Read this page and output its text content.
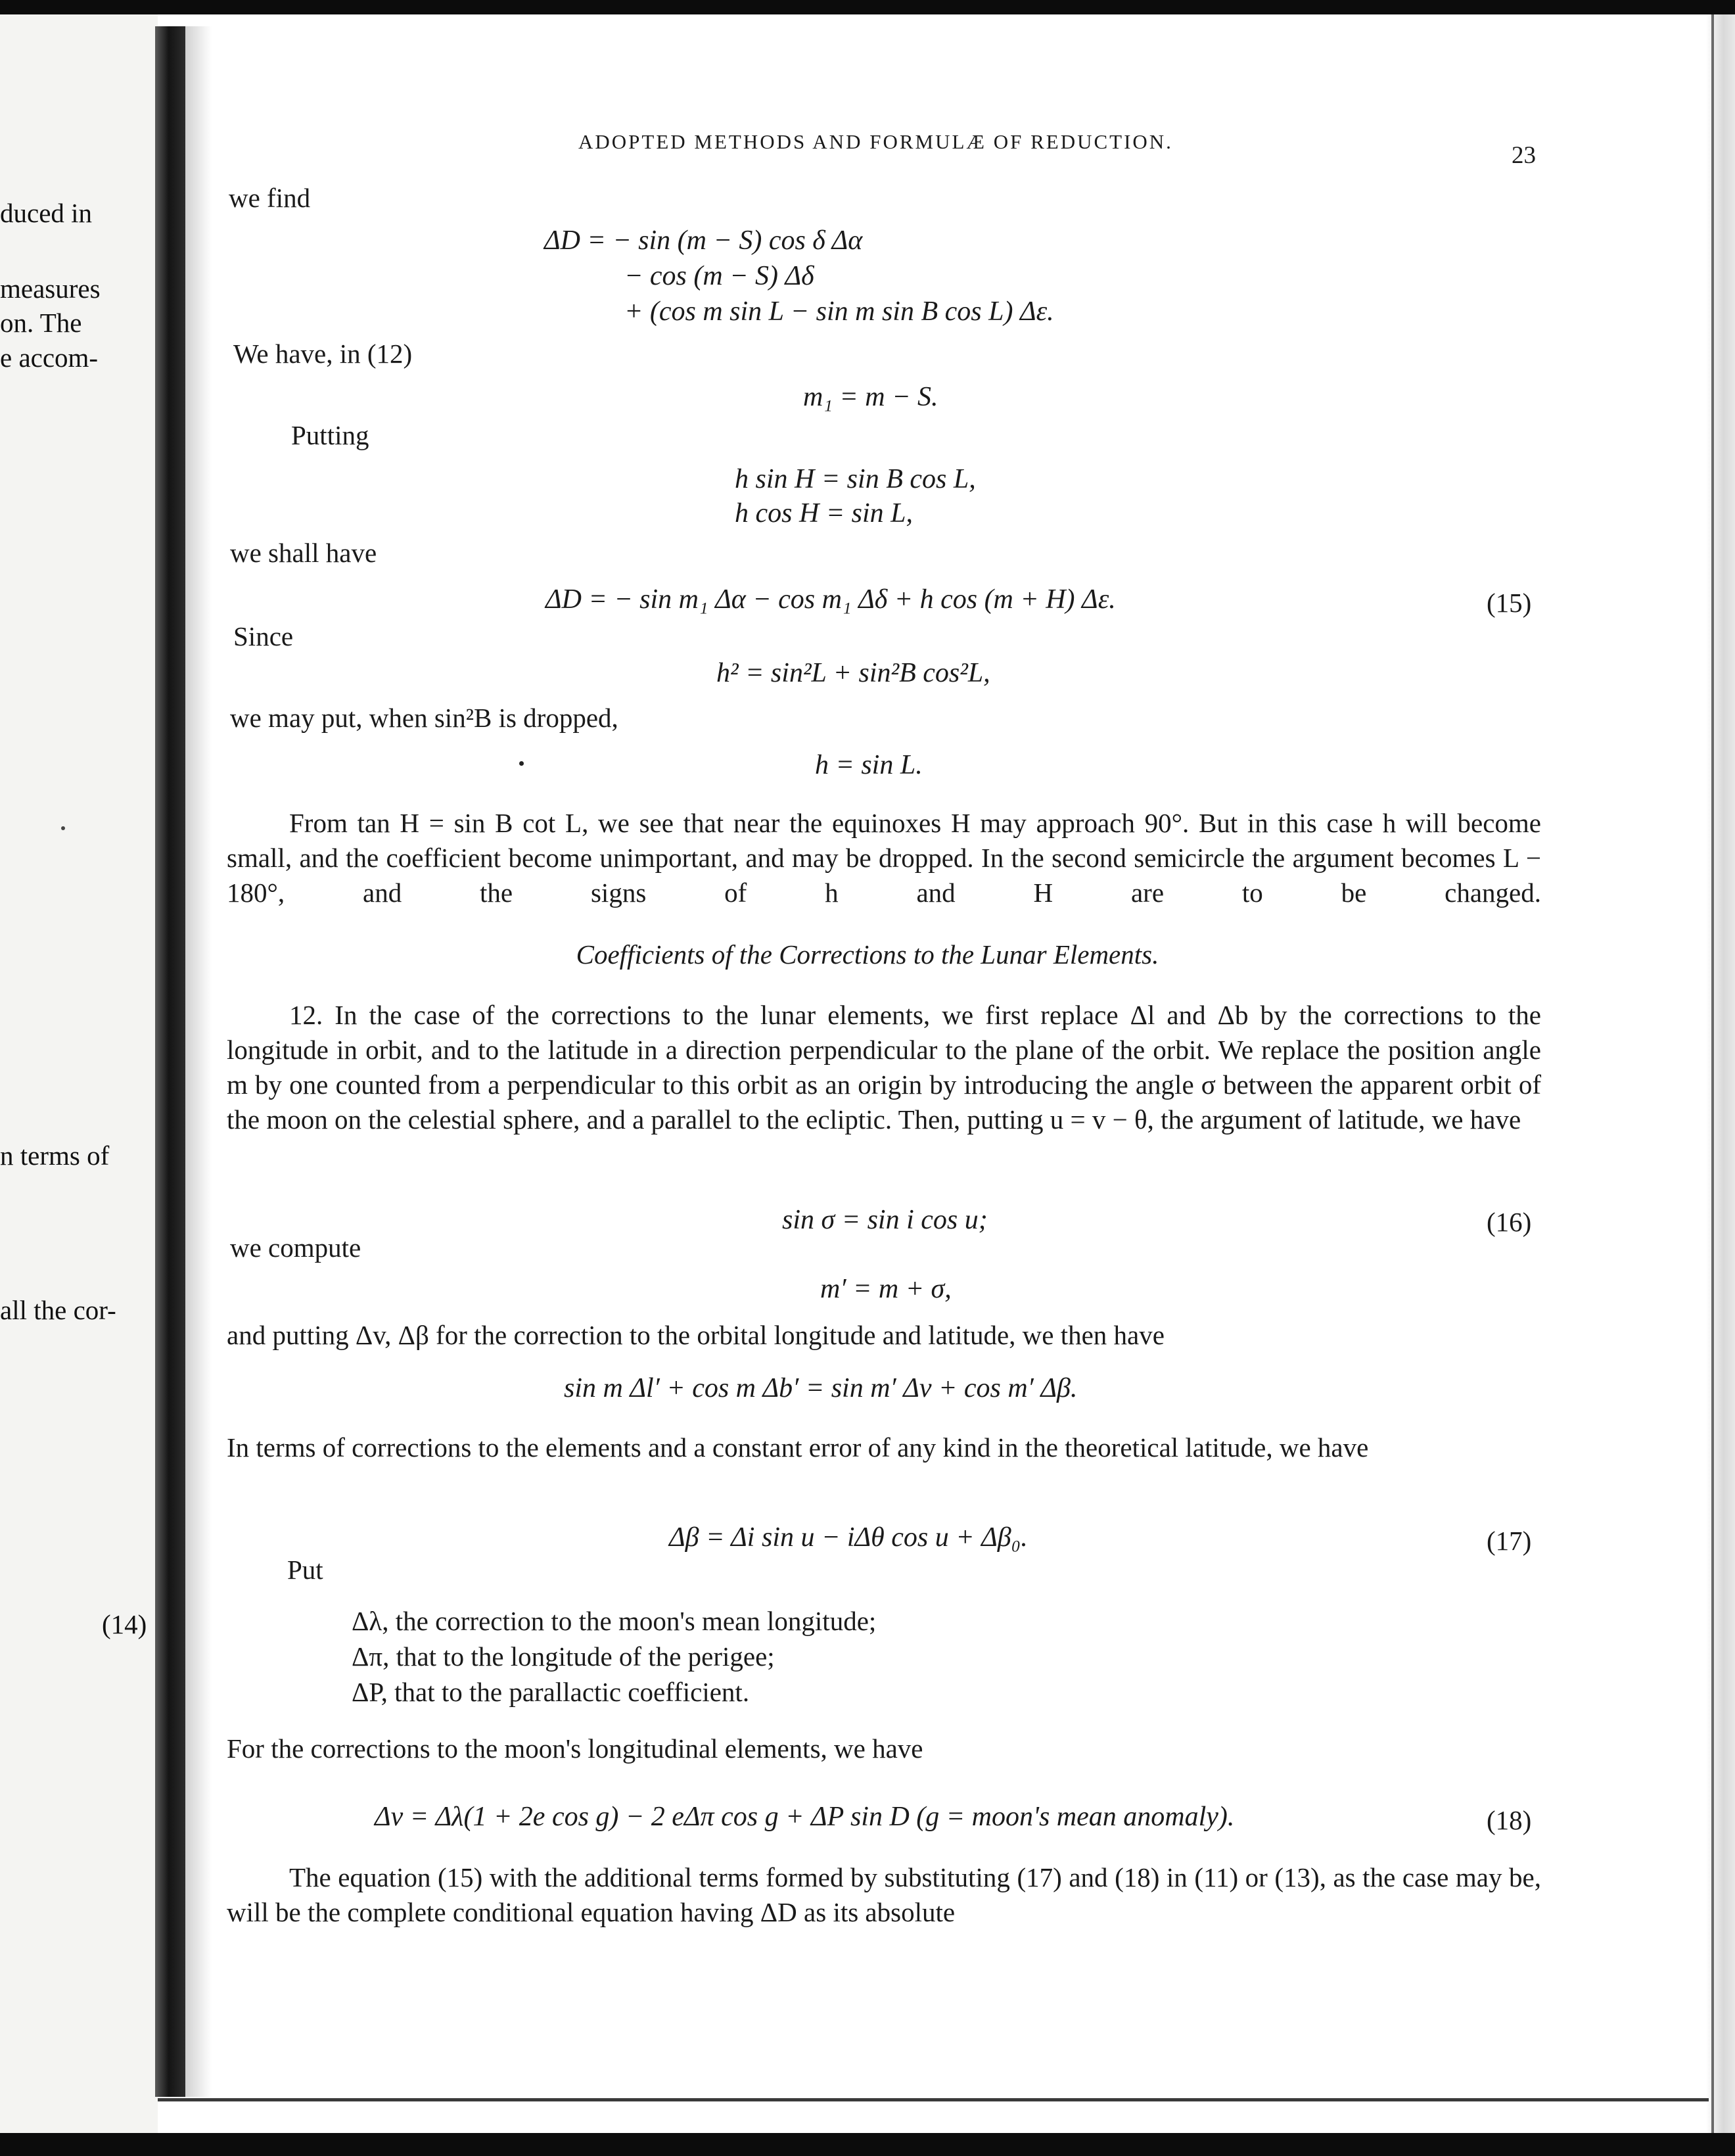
duced in
measures
on. The
e accom-
n terms of
all the cor-
(14)
ADOPTED METHODS AND FORMULÆ OF REDUCTION.
23
we find
ΔD = − sin (m − S) cos δ Δα
− cos (m − S) Δδ
+ (cos m sin L − sin m sin B cos L) Δε.
We have, in (12)
m₁ = m − S.
Putting
h sin H = sin B cos L,
h cos H = sin L,
we shall have
ΔD = − sin m₁ Δα − cos m₁ Δδ + h cos (m + H) Δε.	(15)
Since
h² = sin²L + sin²B cos²L,
we may put, when sin²B is dropped,
h = sin L.
From tan H = sin B cot L, we see that near the equinoxes H may approach 90°. But in this case h will become small, and the coefficient become unimportant, and may be dropped. In the second semicircle the argument becomes L − 180°, and the signs of h and H are to be changed.
Coefficients of the Corrections to the Lunar Elements.
12. In the case of the corrections to the lunar elements, we first replace Δl and Δb by the corrections to the longitude in orbit, and to the latitude in a direction perpendicular to the plane of the orbit. We replace the position angle m by one counted from a perpendicular to this orbit as an origin by introducing the angle σ between the apparent orbit of the moon on the celestial sphere, and a parallel to the ecliptic. Then, putting u = v − θ, the argument of latitude, we have
sin σ = sin i cos u;	(16)
we compute
m′ = m + σ,
and putting Δv, Δβ for the correction to the orbital longitude and latitude, we then have
sin m Δl′ + cos m Δb′ = sin m′ Δv + cos m′ Δβ.
In terms of corrections to the elements and a constant error of any kind in the theoretical latitude, we have
Δβ = Δi sin u − iΔθ cos u + Δβ₀.	(17)
Put
Δλ, the correction to the moon's mean longitude;
Δπ, that to the longitude of the perigee;
ΔP, that to the parallactic coefficient.
For the corrections to the moon's longitudinal elements, we have
Δv = Δλ(1 + 2e cos g) − 2 eΔπ cos g + ΔP sin D (g = moon's mean anomaly).	(18)
The equation (15) with the additional terms formed by substituting (17) and (18) in (11) or (13), as the case may be, will be the complete conditional equation having ΔD as its absolute
